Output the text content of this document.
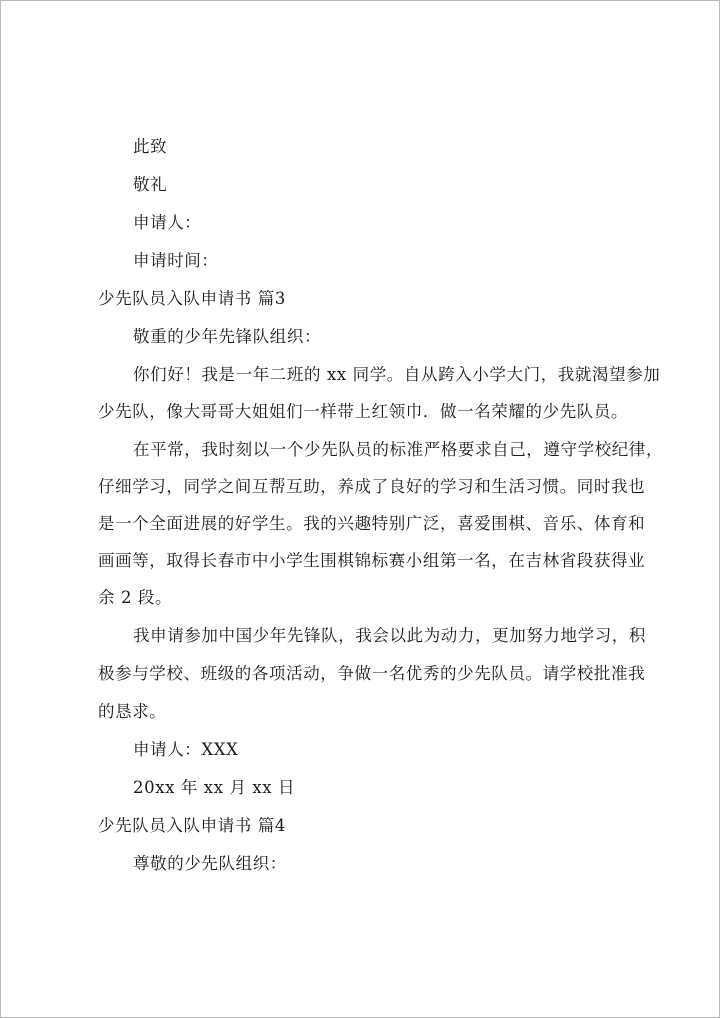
此致
敬礼
申请人：
申请时间：
少先队员入队申请书 篇3
敬重的少年先锋队组织：
你们好！我是一年二班的 xx 同学。自从跨入小学大门，我就渴望参加
少先队，像大哥哥大姐姐们一样带上红领巾．做一名荣耀的少先队员。
在平常，我时刻以一个少先队员的标准严格要求自己，遵守学校纪律，
仔细学习，同学之间互帮互助，养成了良好的学习和生活习惯。同时我也
是一个全面进展的好学生。我的兴趣特别广泛，喜爱围棋、音乐、体育和
画画等，取得长春市中小学生围棋锦标赛小组第一名，在吉林省段获得业
余 2 段。
我申请参加中国少年先锋队，我会以此为动力，更加努力地学习，积
极参与学校、班级的各项活动，争做一名优秀的少先队员。请学校批准我
的恳求。
申请人：XXX
20xx 年 xx 月 xx 日
少先队员入队申请书 篇4
尊敬的少先队组织：
